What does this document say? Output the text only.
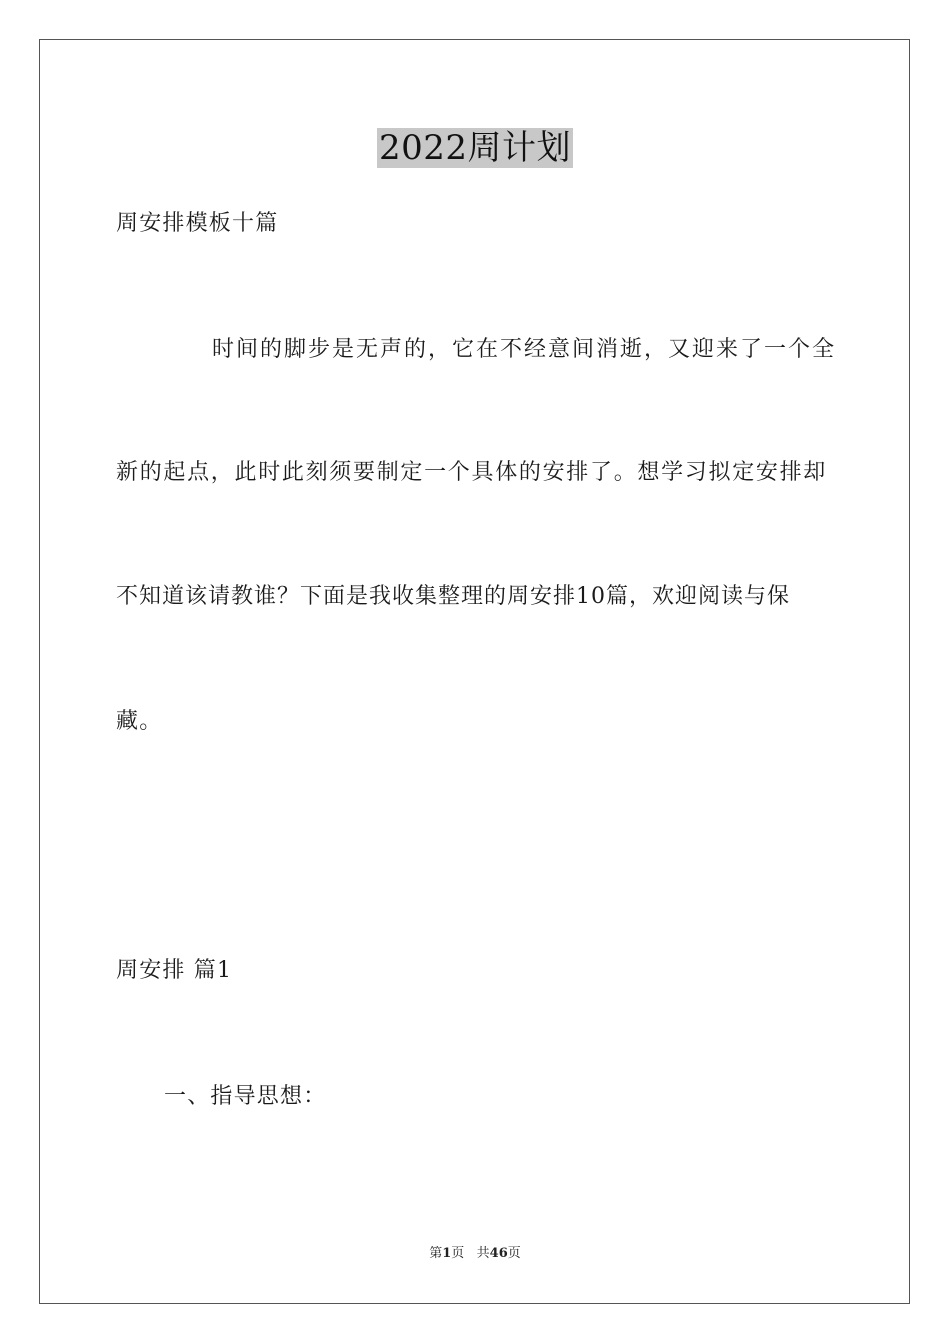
2022周计划
周安排模板十篇
时间的脚步是无声的，它在不经意间消逝，又迎来了一个全
新的起点，此时此刻须要制定一个具体的安排了。想学习拟定安排却
不知道该请教谁？下面是我收集整理的周安排10篇，欢迎阅读与保
藏。
周安排 篇1
一、指导思想：
第1页   共46页
